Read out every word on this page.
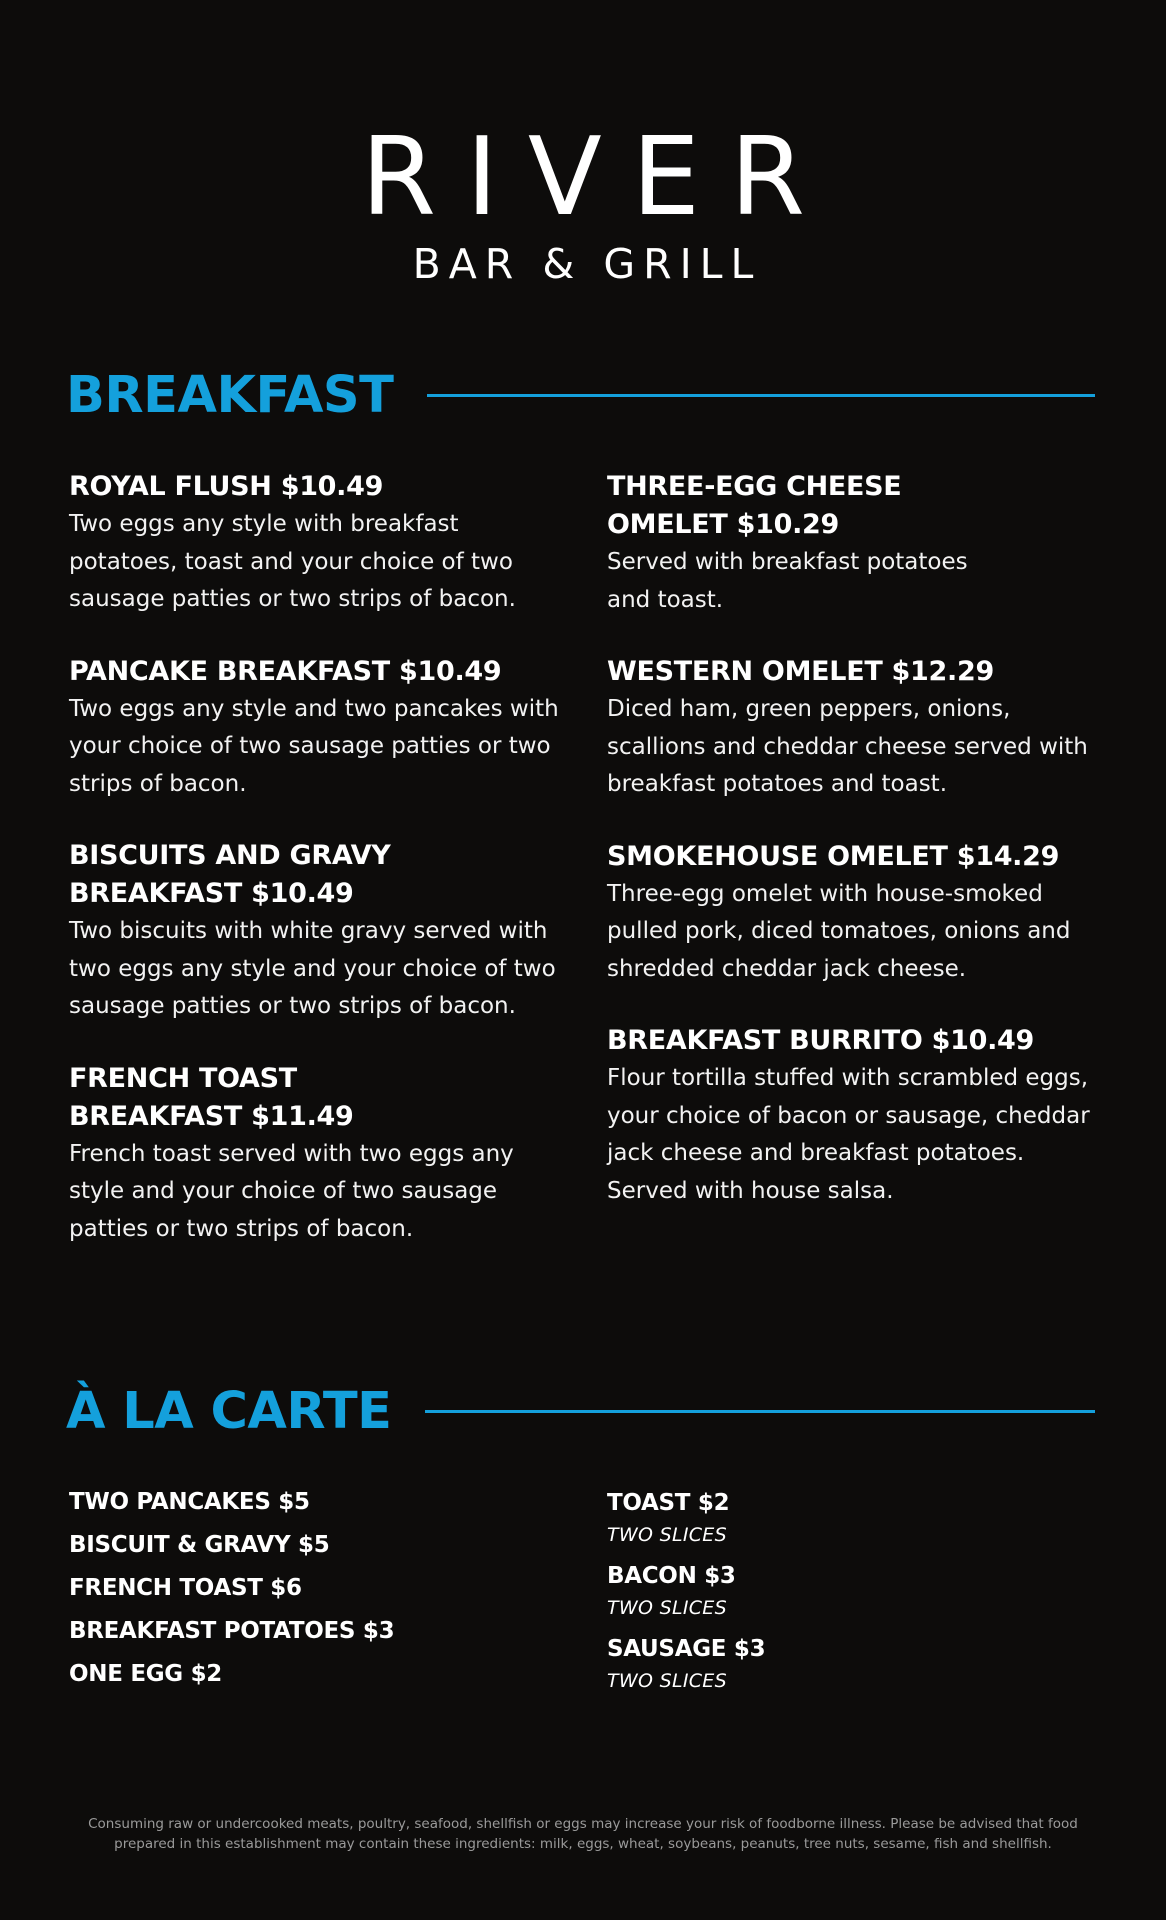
RIVER
BAR & GRILL
BREAKFAST
ROYAL FLUSH $10.49
Two eggs any style with breakfast potatoes, toast and your choice of two sausage patties or two strips of bacon.
PANCAKE BREAKFAST $10.49
Two eggs any style and two pancakes with your choice of two sausage patties or two strips of bacon.
BISCUITS AND GRAVY BREAKFAST $10.49
Two biscuits with white gravy served with two eggs any style and your choice of two sausage patties or two strips of bacon.
FRENCH TOAST BREAKFAST $11.49
French toast served with two eggs any style and your choice of two sausage patties or two strips of bacon.
THREE-EGG CHEESE OMELET $10.29
Served with breakfast potatoes and toast.
WESTERN OMELET $12.29
Diced ham, green peppers, onions, scallions and cheddar cheese served with breakfast potatoes and toast.
SMOKEHOUSE OMELET $14.29
Three-egg omelet with house-smoked pulled pork, diced tomatoes, onions and shredded cheddar jack cheese.
BREAKFAST BURRITO $10.49
Flour tortilla stuffed with scrambled eggs, your choice of bacon or sausage, cheddar jack cheese and breakfast potatoes. Served with house salsa.
À LA CARTE
TWO PANCAKES $5
BISCUIT & GRAVY $5
FRENCH TOAST $6
BREAKFAST POTATOES $3
ONE EGG $2
TOAST $2
TWO SLICES
BACON $3
TWO SLICES
SAUSAGE $3
TWO SLICES
Consuming raw or undercooked meats, poultry, seafood, shellfish or eggs may increase your risk of foodborne illness. Please be advised that food prepared in this establishment may contain these ingredients: milk, eggs, wheat, soybeans, peanuts, tree nuts, sesame, fish and shellfish.
